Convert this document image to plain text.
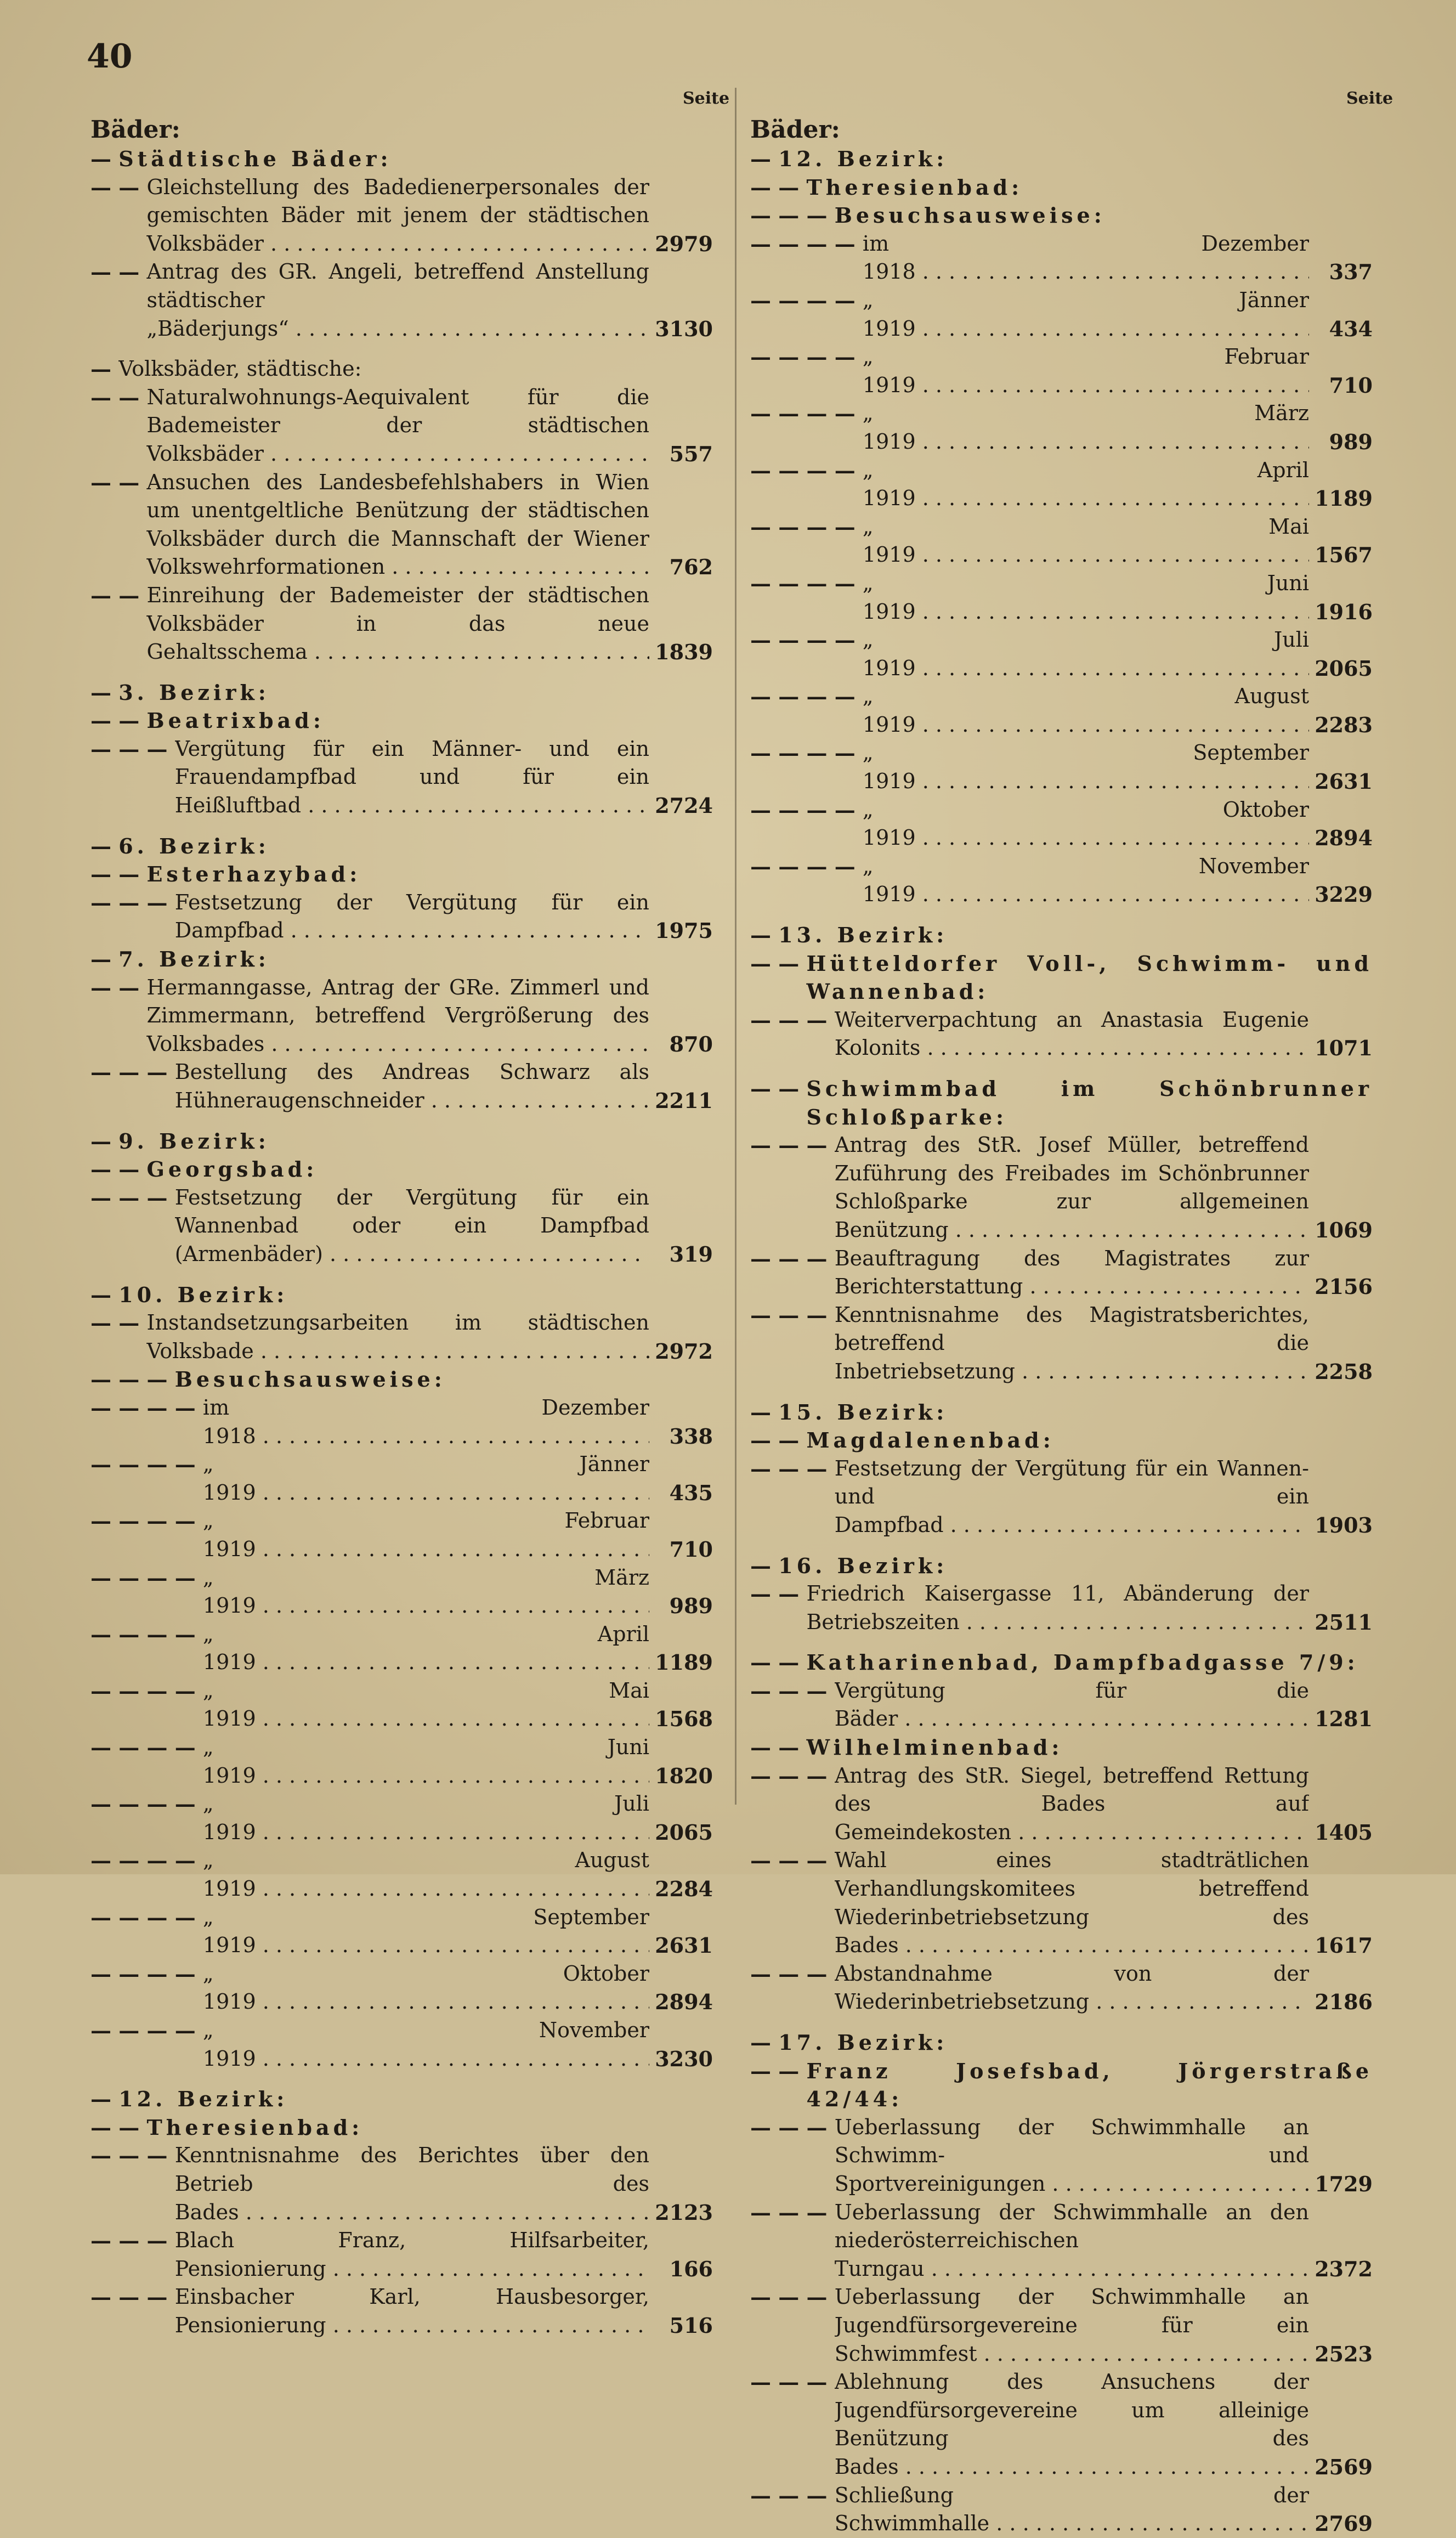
40
Seite	Seite
Bäder:
— Städtische Bäder:
— — Gleichstellung des Badedienerpersonales der gemischten Bäder mit jenem der städtischen Volksbäder . . .	2979
— — Antrag des GR. Angeli, betreffend Anstellung städtischer „Bäderjungs“ . . .	3130
— Volksbäder, städtische:
— — Naturalwohnungs-Aequivalent für die Bademeister der städtischen Volksbäder . . .	557
— — Ansuchen des Landesbefehlshabers in Wien um unentgeltliche Benützung der städtischen Volksbäder durch die Mannschaft der Wiener Volkswehrformationen . . .	762
— — Einreihung der Bademeister der städtischen Volksbäder in das neue Gehaltsschema . . .	1839
— 3. Bezirk:
— — Beatrixbad:
— — — Vergütung für ein Männer- und ein Frauendampfbad und für ein Heißluftbad . . .	2724
— 6. Bezirk:
— — Esterhazybad:
— — — Festsetzung der Vergütung für ein Dampfbad . . .	1975
— 7. Bezirk:
— — Hermanngasse, Antrag der GRe. Zimmerl und Zimmermann, betreffend Vergrößerung des Volksbades . . .	870
— — — Bestellung des Andreas Schwarz als Hühneraugenschneider . . .	2211
— 9. Bezirk:
— — Georgsbad:
— — — Festsetzung der Vergütung für ein Wannenbad oder ein Dampfbad (Armenbäder) . . .	319
— 10. Bezirk:
— — Instandsetzungsarbeiten im städtischen Volksbade . . .	2972
— — — Besuchsausweise:
— — — — im Dezember 1918 . . .	338
— — — — „ Jänner 1919 . . .	435
— — — — „ Februar 1919 . . .	710
— — — — „ März 1919 . . .	989
— — — — „ April 1919 . . .	1189
— — — — „ Mai 1919 . . .	1568
— — — — „ Juni 1919 . . .	1820
— — — — „ Juli 1919 . . .	2065
— — — — „ August 1919 . . .	2284
— — — — „ September 1919 . . .	2631
— — — — „ Oktober 1919 . . .	2894
— — — — „ November 1919 . . .	3230
— 12. Bezirk:
— — Theresienbad:
— — — Kenntnisnahme des Berichtes über den Betrieb des Bades . . .	2123
— — — Blach Franz, Hilfsarbeiter, Pensionierung . . .	166
— — — Einsbacher Karl, Hausbesorger, Pensionierung . . .	516
Bäder:
— 12. Bezirk:
— — Theresienbad:
— — — Besuchsausweise:
— — — — im Dezember 1918 . . .	337
— — — — „ Jänner 1919 . . .	434
— — — — „ Februar 1919 . . .	710
— — — — „ März 1919 . . .	989
— — — — „ April 1919 . . .	1189
— — — — „ Mai 1919 . . .	1567
— — — — „ Juni 1919 . . .	1916
— — — — „ Juli 1919 . . .	2065
— — — — „ August 1919 . . .	2283
— — — — „ September 1919 . . .	2631
— — — — „ Oktober 1919 . . .	2894
— — — — „ November 1919 . . .	3229
— 13. Bezirk:
— — Hütteldorfer Voll-, Schwimm- und Wannenbad:
— — — Weiterverpachtung an Anastasia Eugenie Kolonits . . .	1071
— — Schwimmbad im Schönbrunner Schloßparke:
— — — Antrag des StR. Josef Müller, betreffend Zuführung des Freibades im Schönbrunner Schloßparke zur allgemeinen Benützung . . .	1069
— — — Beauftragung des Magistrates zur Berichterstattung . . .	2156
— — — Kenntnisnahme des Magistratsberichtes, betreffend die Inbetriebsetzung . . .	2258
— 15. Bezirk:
— — Magdalenenbad:
— — — Festsetzung der Vergütung für ein Wannen- und ein Dampfbad . . .	1903
— 16. Bezirk:
— — Friedrich Kaisergasse 11, Abänderung der Betriebszeiten . . .	2511
— — Katharinenbad, Dampfbadgasse 7/9:
— — — Vergütung für die Bäder . . .	1281
— — Wilhelminenbad:
— — — Antrag des StR. Siegel, betreffend Rettung des Bades auf Gemeindekosten . . .	1405
— — — Wahl eines stadträtlichen Verhandlungskomitees betreffend Wiederinbetriebsetzung des Bades . . .	1617
— — — Abstandnahme von der Wiederinbetriebsetzung . . .	2186
— 17. Bezirk:
— — Franz Josefsbad, Jörgerstraße 42/44:
— — — Ueberlassung der Schwimmhalle an Schwimm- und Sportvereinigungen . . .	1729
— — — Ueberlassung der Schwimmhalle an den niederösterreichischen Turngau . . .	2372
— — — Ueberlassung der Schwimmhalle an Jugendfürsorgevereine für ein Schwimmfest . . .	2523
— — — Ablehnung des Ansuchens der Jugendfürsorgevereine um alleinige Benützung des Bades . . .	2569
— — — Schließung der Schwimmhalle . . .	2769
